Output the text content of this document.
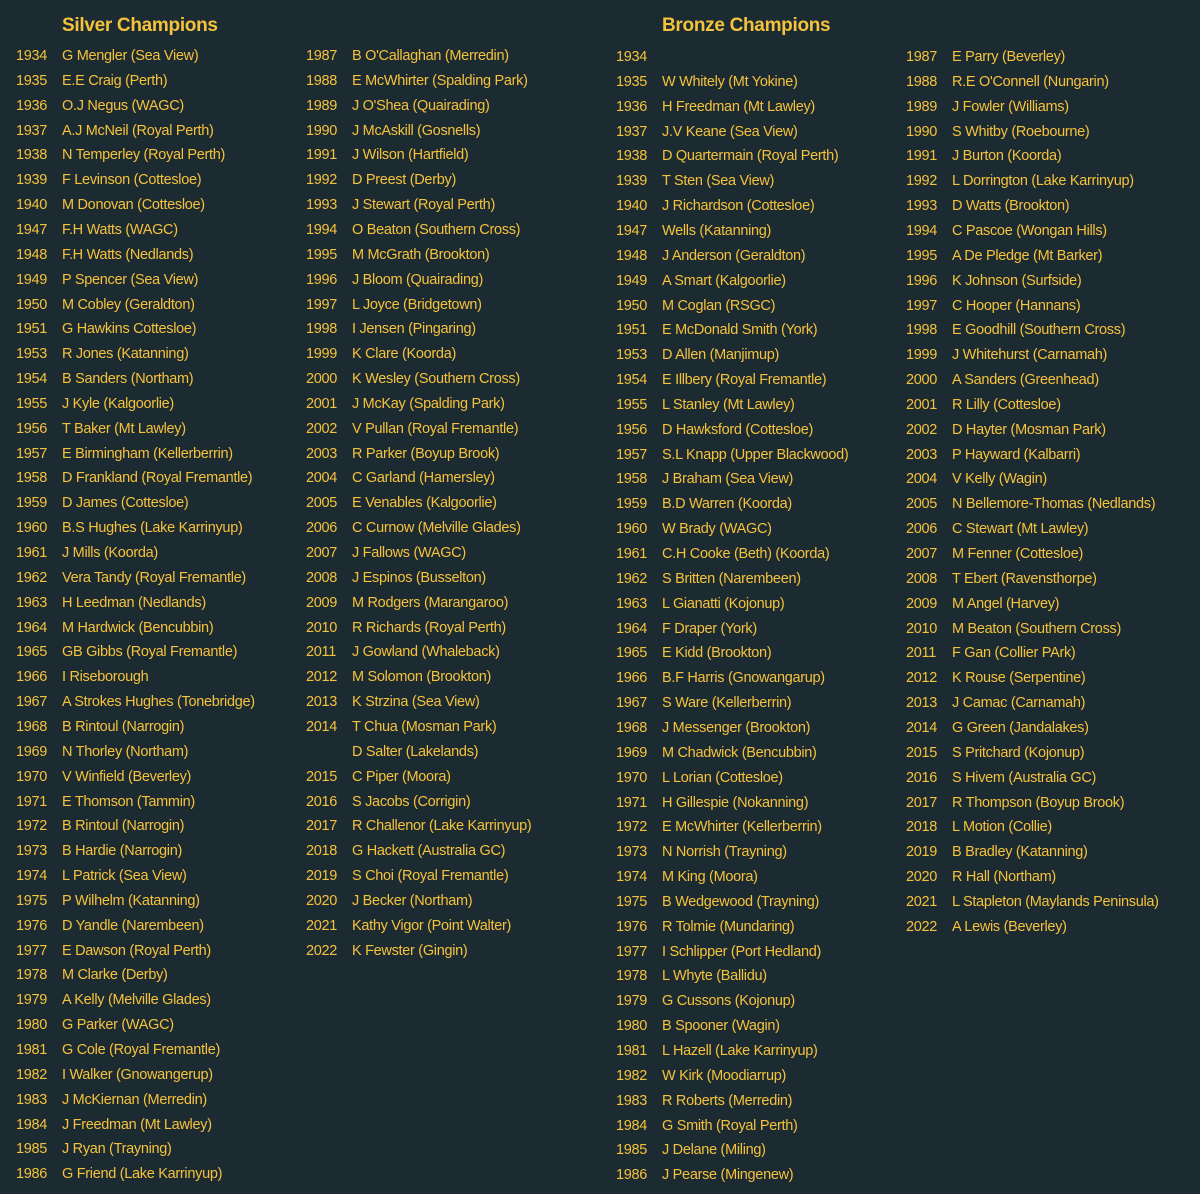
Silver Champions	Bronze Champions
1934 G Mengler (Sea View)
1935 E.E Craig (Perth)
1936 O.J Negus (WAGC)
1937 A.J McNeil (Royal Perth)
1938 N Temperley (Royal Perth)
1939 F Levinson (Cottesloe)
1940 M Donovan (Cottesloe)
1947 F.H Watts (WAGC)
1948 F.H Watts (Nedlands)
1949 P Spencer (Sea View)
1950 M Cobley (Geraldton)
1951 G Hawkins Cottesloe)
1953 R Jones (Katanning)
1954 B Sanders (Northam)
1955 J Kyle (Kalgoorlie)
1956 T Baker (Mt Lawley)
1957 E Birmingham (Kellerberrin)
1958 D Frankland (Royal Fremantle)
1959 D James (Cottesloe)
1960 B.S Hughes (Lake Karrinyup)
1961 J Mills (Koorda)
1962 Vera Tandy (Royal Fremantle)
1963 H Leedman (Nedlands)
1964 M Hardwick (Bencubbin)
1965 GB Gibbs (Royal Fremantle)
1966 I Riseborough
1967 A Strokes Hughes (Tonebridge)
1968 B Rintoul (Narrogin)
1969 N Thorley (Northam)
1970 V Winfield (Beverley)
1971 E Thomson (Tammin)
1972 B Rintoul (Narrogin)
1973 B Hardie (Narrogin)
1974 L Patrick (Sea View)
1975 P Wilhelm (Katanning)
1976 D Yandle (Narembeen)
1977 E Dawson (Royal Perth)
1978 M Clarke (Derby)
1979 A Kelly (Melville Glades)
1980 G Parker (WAGC)
1981 G Cole (Royal Fremantle)
1982 I Walker (Gnowangerup)
1983 J McKiernan (Merredin)
1984 J Freedman (Mt Lawley)
1985 J Ryan (Trayning)
1986 G Friend (Lake Karrinyup)
1987 B O'Callaghan (Merredin)
1988 E McWhirter (Spalding Park)
1989 J O'Shea (Quairading)
1990 J McAskill (Gosnells)
1991 J Wilson (Hartfield)
1992 D Preest (Derby)
1993 J Stewart (Royal Perth)
1994 O Beaton (Southern Cross)
1995 M McGrath (Brookton)
1996 J Bloom (Quairading)
1997 L Joyce (Bridgetown)
1998 I Jensen (Pingaring)
1999 K Clare (Koorda)
2000 K Wesley (Southern Cross)
2001 J McKay (Spalding Park)
2002 V Pullan (Royal Fremantle)
2003 R Parker (Boyup Brook)
2004 C Garland (Hamersley)
2005 E Venables (Kalgoorlie)
2006 C Curnow (Melville Glades)
2007 J Fallows (WAGC)
2008 J Espinos (Busselton)
2009 M Rodgers (Marangaroo)
2010 R Richards (Royal Perth)
2011 J Gowland (Whaleback)
2012 M Solomon (Brookton)
2013 K Strzina (Sea View)
2014 T Chua (Mosman Park)
D Salter (Lakelands)
2015 C Piper (Moora)
2016 S Jacobs (Corrigin)
2017 R Challenor (Lake Karrinyup)
2018 G Hackett (Australia GC)
2019 S Choi (Royal Fremantle)
2020 J Becker (Northam)
2021 Kathy Vigor (Point Walter)
2022 K Fewster (Gingin)
1934
1935 W Whitely (Mt Yokine)
1936 H Freedman (Mt Lawley)
1937 J.V Keane (Sea View)
1938 D Quartermain (Royal Perth)
1939 T Sten (Sea View)
1940 J Richardson (Cottesloe)
1947 Wells (Katanning)
1948 J Anderson (Geraldton)
1949 A Smart (Kalgoorlie)
1950 M Coglan (RSGC)
1951 E McDonald Smith (York)
1953 D Allen (Manjimup)
1954 E Illbery (Royal Fremantle)
1955 L Stanley (Mt Lawley)
1956 D Hawksford (Cottesloe)
1957 S.L Knapp (Upper Blackwood)
1958 J Braham (Sea View)
1959 B.D Warren (Koorda)
1960 W Brady (WAGC)
1961 C.H Cooke (Beth) (Koorda)
1962 S Britten (Narembeen)
1963 L Gianatti (Kojonup)
1964 F Draper (York)
1965 E Kidd (Brookton)
1966 B.F Harris (Gnowangarup)
1967 S Ware (Kellerberrin)
1968 J Messenger (Brookton)
1969 M Chadwick (Bencubbin)
1970 L Lorian (Cottesloe)
1971 H Gillespie (Nokanning)
1972 E McWhirter (Kellerberrin)
1973 N Norrish (Trayning)
1974 M King (Moora)
1975 B Wedgewood (Trayning)
1976 R Tolmie (Mundaring)
1977 I Schlipper (Port Hedland)
1978 L Whyte (Ballidu)
1979 G Cussons (Kojonup)
1980 B Spooner (Wagin)
1981 L Hazell (Lake Karrinyup)
1982 W Kirk (Moodiarrup)
1983 R Roberts (Merredin)
1984 G Smith (Royal Perth)
1985 J Delane (Miling)
1986 J Pearse (Mingenew)
1987 E Parry (Beverley)
1988 R.E O'Connell (Nungarin)
1989 J Fowler (Williams)
1990 S Whitby (Roebourne)
1991 J Burton (Koorda)
1992 L Dorrington (Lake Karrinyup)
1993 D Watts (Brookton)
1994 C Pascoe (Wongan Hills)
1995 A De Pledge (Mt Barker)
1996 K Johnson (Surfside)
1997 C Hooper (Hannans)
1998 E Goodhill (Southern Cross)
1999 J Whitehurst (Carnamah)
2000 A Sanders (Greenhead)
2001 R Lilly (Cottesloe)
2002 D Hayter (Mosman Park)
2003 P Hayward (Kalbarri)
2004 V Kelly (Wagin)
2005 N Bellemore-Thomas (Nedlands)
2006 C Stewart (Mt Lawley)
2007 M Fenner (Cottesloe)
2008 T Ebert (Ravensthorpe)
2009 M Angel (Harvey)
2010 M Beaton (Southern Cross)
2011 F Gan (Collier PArk)
2012 K Rouse (Serpentine)
2013 J Camac (Carnamah)
2014 G Green (Jandalakes)
2015 S Pritchard (Kojonup)
2016 S Hivem (Australia GC)
2017 R Thompson (Boyup Brook)
2018 L Motion (Collie)
2019 B Bradley (Katanning)
2020 R Hall (Northam)
2021 L Stapleton (Maylands Peninsula)
2022 A Lewis (Beverley)
